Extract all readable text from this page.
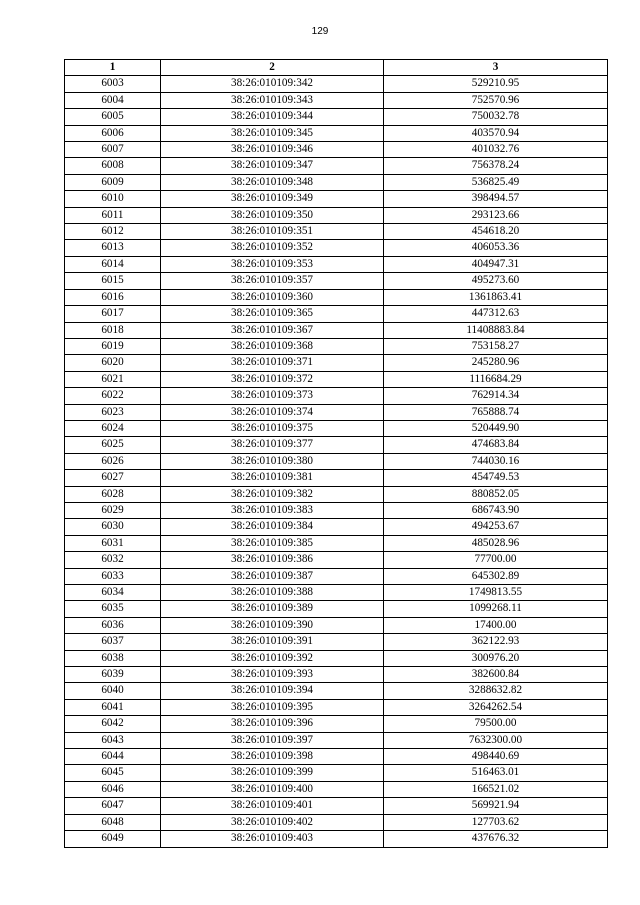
129
1	2	3
6003	38:26:010109:342	529210.95
6004	38:26:010109:343	752570.96
6005	38:26:010109:344	750032.78
6006	38:26:010109:345	403570.94
6007	38:26:010109:346	401032.76
6008	38:26:010109:347	756378.24
6009	38:26:010109:348	536825.49
6010	38:26:010109:349	398494.57
6011	38:26:010109:350	293123.66
6012	38:26:010109:351	454618.20
6013	38:26:010109:352	406053.36
6014	38:26:010109:353	404947.31
6015	38:26:010109:357	495273.60
6016	38:26:010109:360	1361863.41
6017	38:26:010109:365	447312.63
6018	38:26:010109:367	11408883.84
6019	38:26:010109:368	753158.27
6020	38:26:010109:371	245280.96
6021	38:26:010109:372	1116684.29
6022	38:26:010109:373	762914.34
6023	38:26:010109:374	765888.74
6024	38:26:010109:375	520449.90
6025	38:26:010109:377	474683.84
6026	38:26:010109:380	744030.16
6027	38:26:010109:381	454749.53
6028	38:26:010109:382	880852.05
6029	38:26:010109:383	686743.90
6030	38:26:010109:384	494253.67
6031	38:26:010109:385	485028.96
6032	38:26:010109:386	77700.00
6033	38:26:010109:387	645302.89
6034	38:26:010109:388	1749813.55
6035	38:26:010109:389	1099268.11
6036	38:26:010109:390	17400.00
6037	38:26:010109:391	362122.93
6038	38:26:010109:392	300976.20
6039	38:26:010109:393	382600.84
6040	38:26:010109:394	3288632.82
6041	38:26:010109:395	3264262.54
6042	38:26:010109:396	79500.00
6043	38:26:010109:397	7632300.00
6044	38:26:010109:398	498440.69
6045	38:26:010109:399	516463.01
6046	38:26:010109:400	166521.02
6047	38:26:010109:401	569921.94
6048	38:26:010109:402	127703.62
6049	38:26:010109:403	437676.32
